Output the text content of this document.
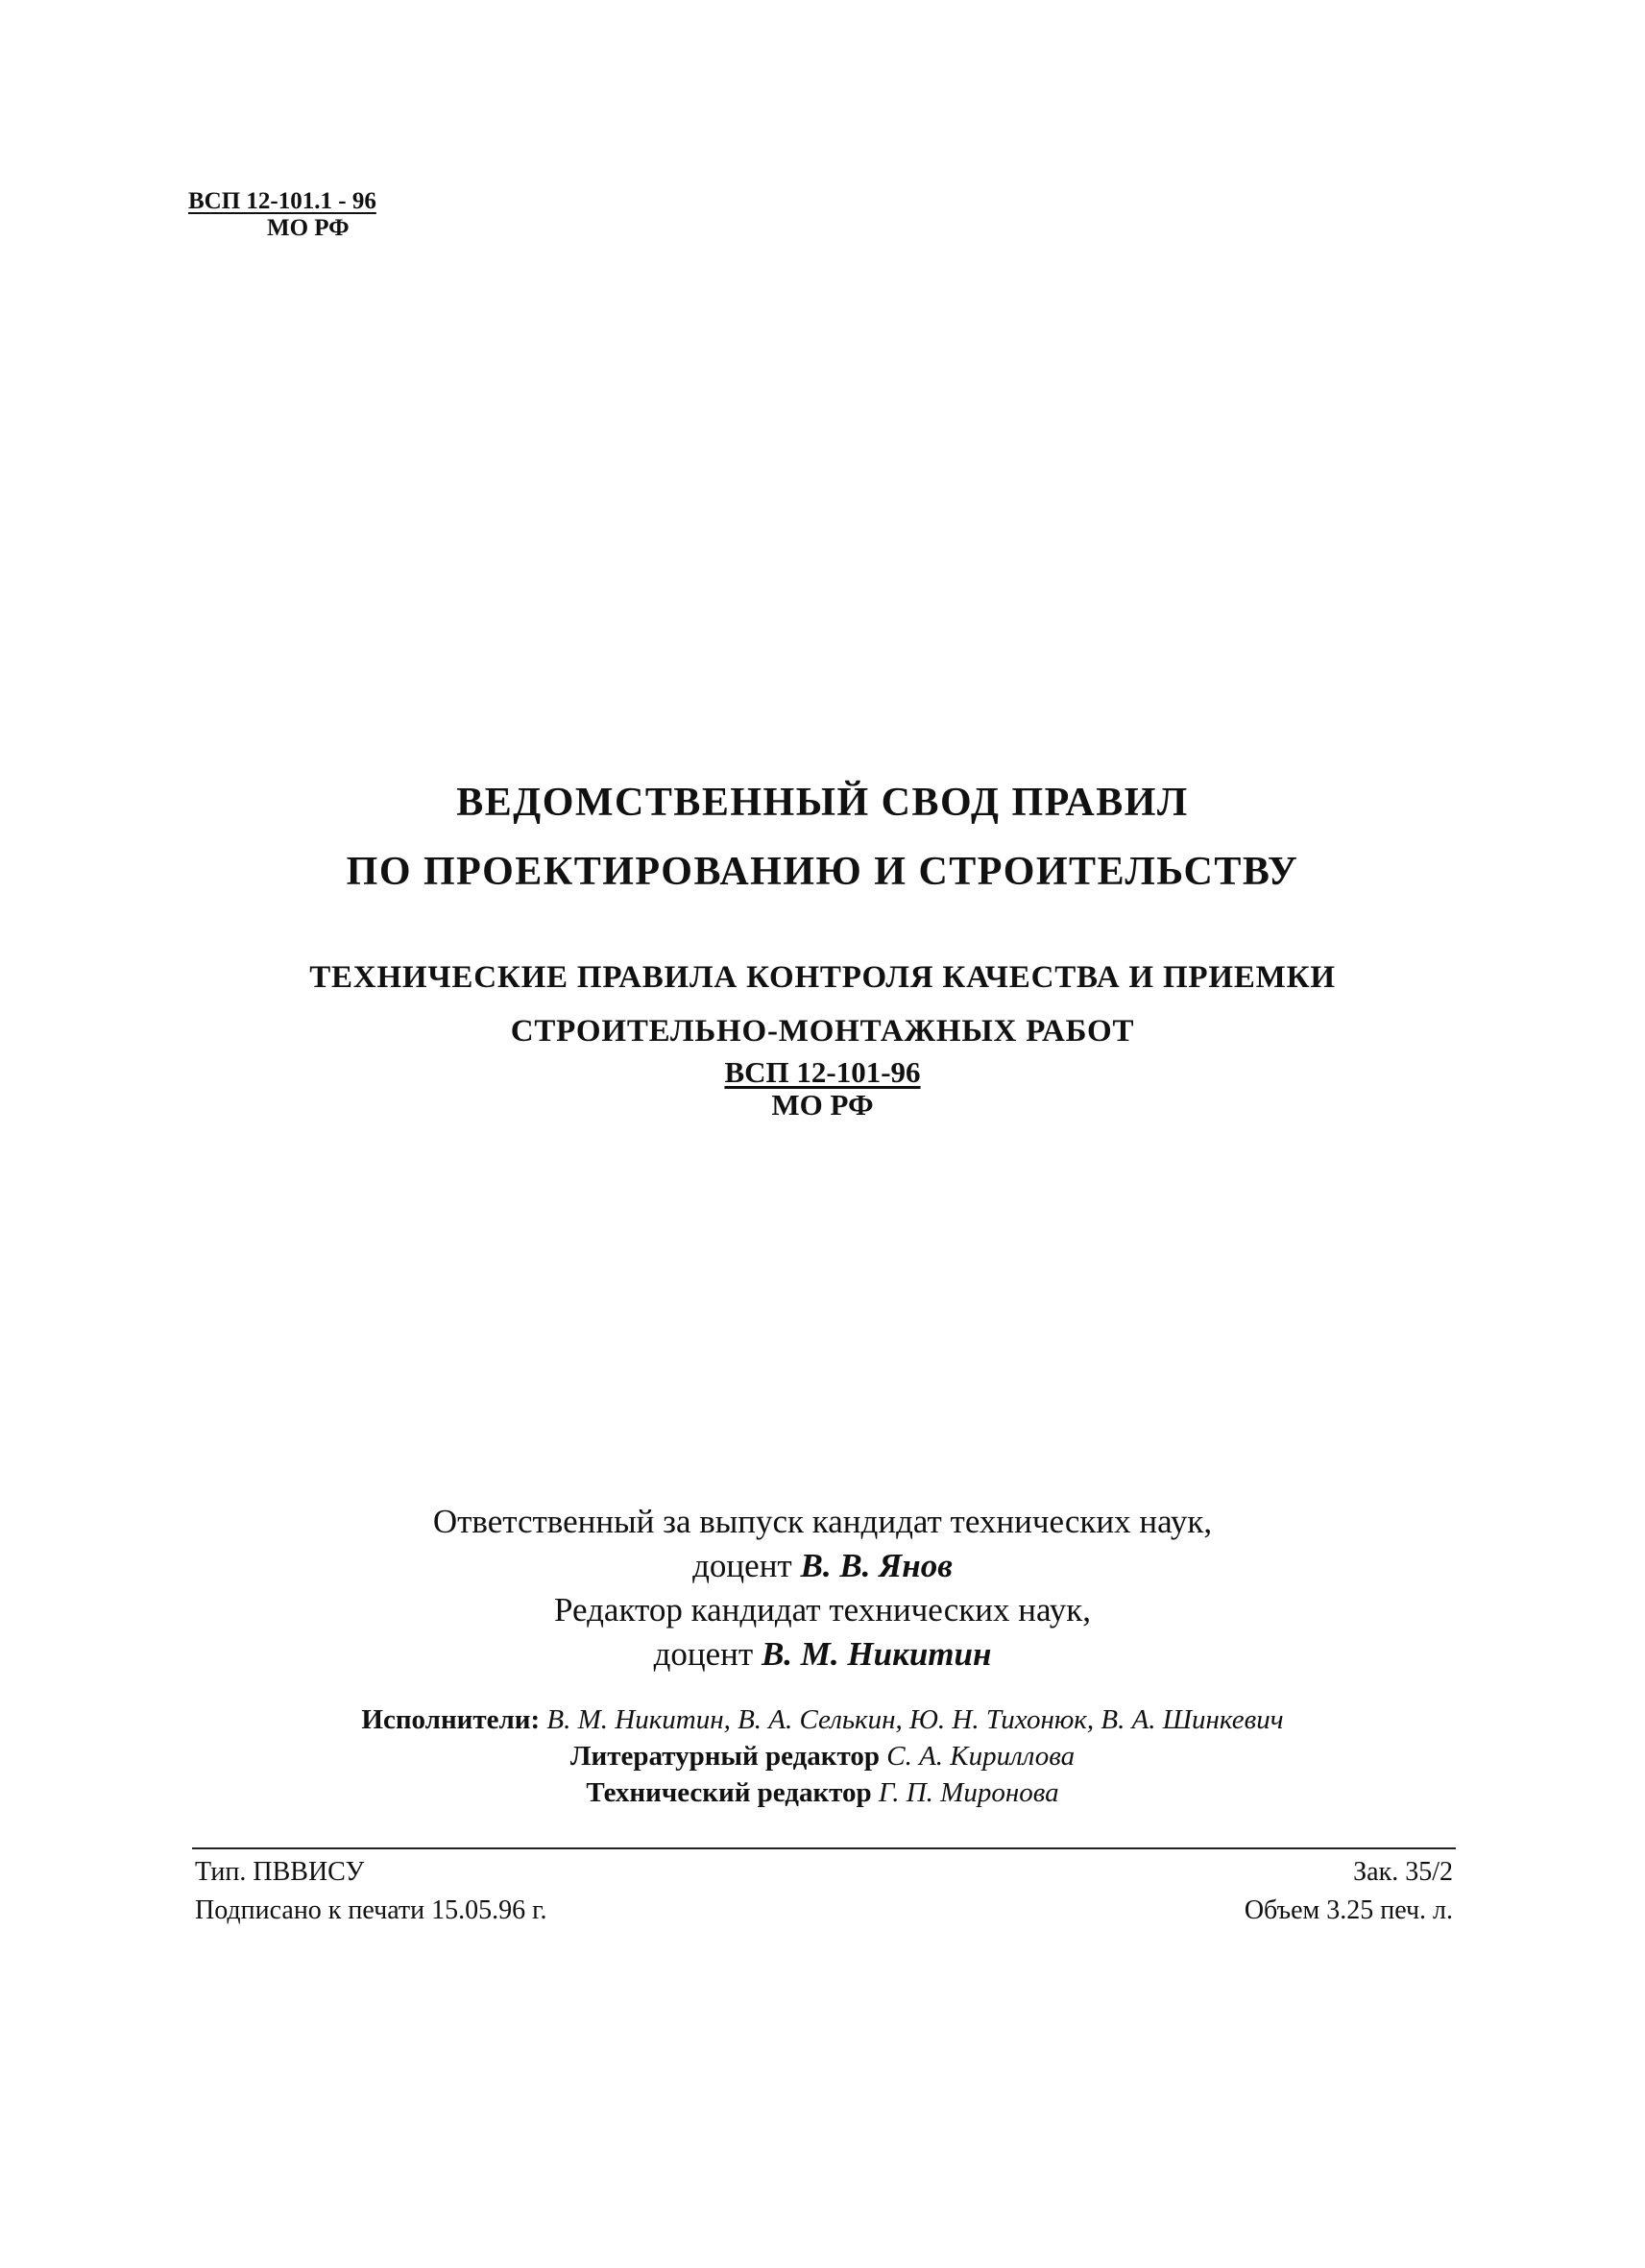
ВСП 12-101.1 - 96
МО РФ
ВЕДОМСТВЕННЫЙ СВОД ПРАВИЛ
ПО ПРОЕКТИРОВАНИЮ И СТРОИТЕЛЬСТВУ
ТЕХНИЧЕСКИЕ ПРАВИЛА КОНТРОЛЯ КАЧЕСТВА И ПРИЕМКИ
СТРОИТЕЛЬНО-МОНТАЖНЫХ РАБОТ
ВСП 12-101-96
МО РФ
Ответственный за выпуск кандидат технических наук,
доцент В. В. Янов
Редактор кандидат технических наук,
доцент В. М. Никитин
Исполнители: В. М. Никитин, В. А. Селькин, Ю. Н. Тихонюк, В. А. Шинкевич
Литературный редактор С. А. Кириллова
Технический редактор Г. П. Миронова
Тип. ПВВИСУ
Подписано к печати 15.05.96 г.
Зак. 35/2
Объем 3.25 печ. л.
